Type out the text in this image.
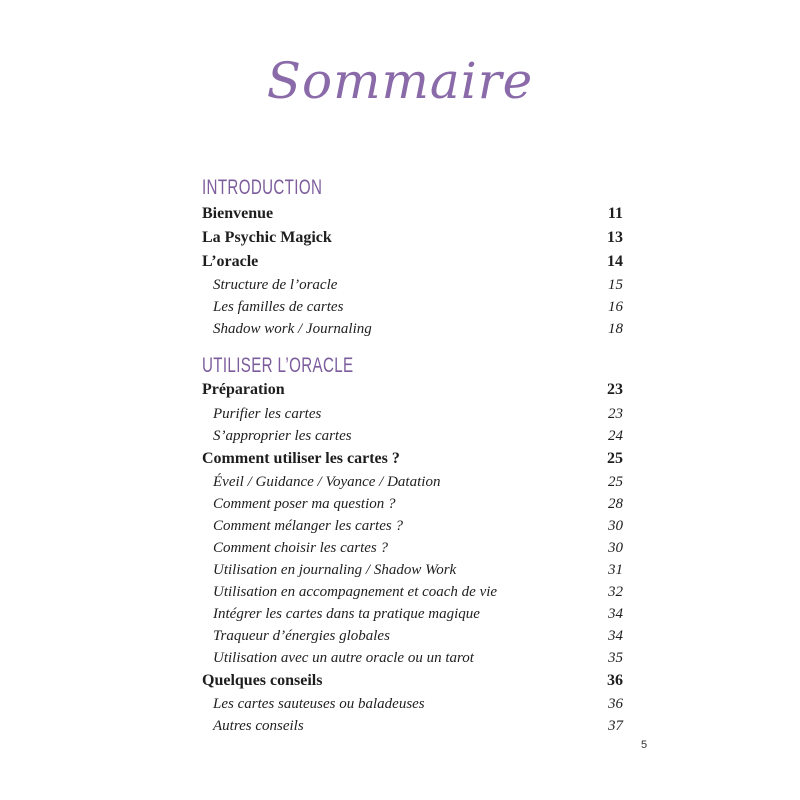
Sommaire
INTRODUCTION
Bienvenue	11
La Psychic Magick	13
L’oracle	14
Structure de l’oracle	15
Les familles de cartes	16
Shadow work / Journaling	18
UTILISER L’ORACLE
Préparation	23
Purifier les cartes	23
S’approprier les cartes	24
Comment utiliser les cartes ?	25
Éveil / Guidance / Voyance / Datation	25
Comment poser ma question ?	28
Comment mélanger les cartes ?	30
Comment choisir les cartes ?	30
Utilisation en journaling / Shadow Work	31
Utilisation en accompagnement et coach de vie	32
Intégrer les cartes dans ta pratique magique	34
Traqueur d’énergies globales	34
Utilisation avec un autre oracle ou un tarot	35
Quelques conseils	36
Les cartes sauteuses ou baladeuses	36
Autres conseils	37
5
